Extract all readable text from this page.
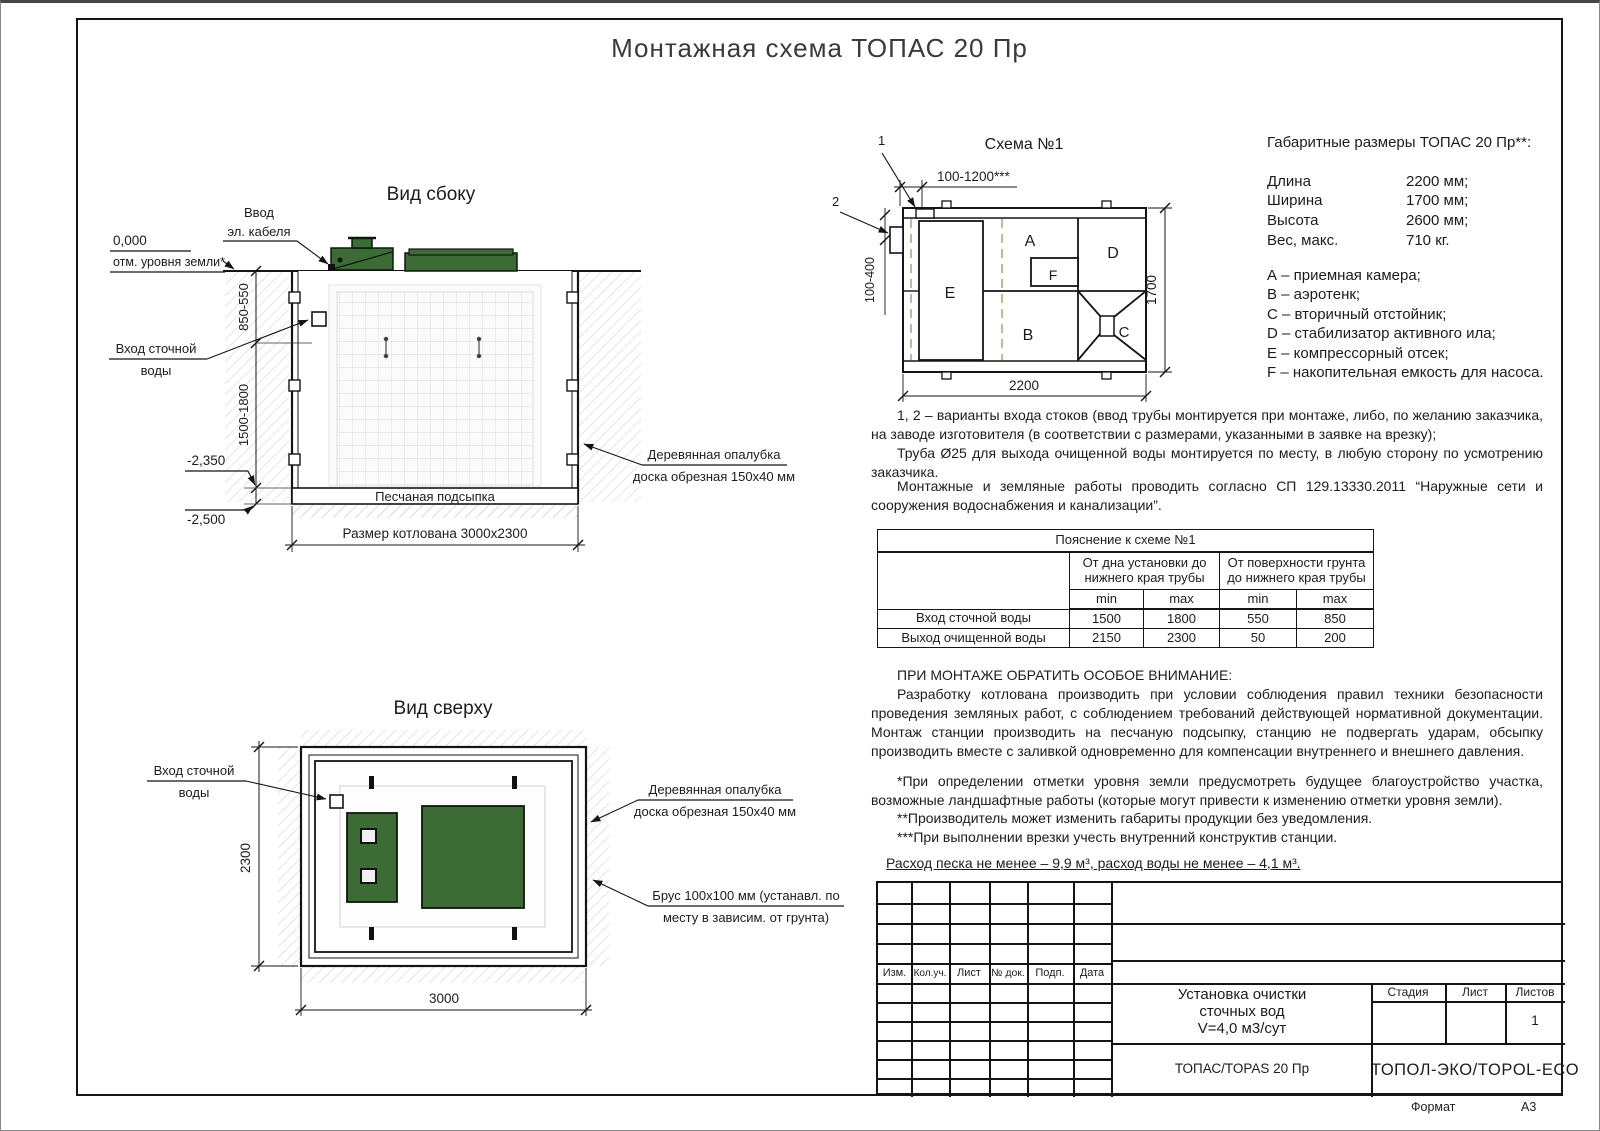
Монтажная схема ТОПАС 20 Пр
Вид сбоку
Песчаная подсыпка
0,000
отм. уровня земли*
Ввод
эл. кабеля
Вход сточной
воды
850-550
1500-1800
-2,350
-2,500
Размер котлована 3000х2300
Деревянная опалубка
доска обрезная 150х40 мм
Схема №1
А
D
В
Е
F
С
1
2
100-1200***
100-400
2200
1700
Вид сверху
Вход сточной
воды
2300
3000
Деревянная опалубка
доска обрезная 150х40 мм
Брус 100х100 мм (устанавл. по
месту в зависим. от грунта)
Габаритные размеры ТОПАС 20 Пр**:
Длина	2200 мм;
Ширина	1700 мм;
Высота	2600 мм;
Вес, макс.	710 кг.
А – приемная камера;
В – аэротенк;
С – вторичный отстойник;
D – стабилизатор активного ила;
Е – компрессорный отсек;
F – накопительная емкость для насоса.

1, 2 – варианты входа стоков (ввод трубы монтируется при монтаже, либо, по желанию заказчика, на заводе изготовителя (в соответствии с размерами, указанными в заявке на врезку);

Труба Ø25 для выхода очищенной воды монтируется по месту, в любую сторону по усмотрению заказчика.

Монтажные и земляные работы проводить согласно СП 129.13330.2011 “Наружные сети и сооружения водоснабжения и канализации”.

ПРИ МОНТАЖЕ ОБРАТИТЬ ОСОБОЕ ВНИМАНИЕ:

Разработку котлована производить при условии соблюдения правил техники безопасности проведения земляных работ, с соблюдением требований действующей нормативной документации. Монтаж станции производить на песчаную подсыпку, станцию не подвергать ударам, обсыпку производить вместе с заливкой одновременно для компенсации внутреннего и внешнего давления.

*При определении отметки уровня земли предусмотреть будущее благоустройство участка, возможные ландшафтные работы (которые могут привести к изменению отметки уровня земли).

**Производитель может изменить габариты продукции без уведомления.

***При выполнении врезки учесть внутренний конструктив станции.

Расход песка не менее – 9,9 м³, расход воды не менее – 4,1 м³.
Пояснение к схеме №1				
	От дна установки до нижнего края трубы		От поверхности грунта до нижнего края трубы	
	min	max	min	max
Вход сточной воды	1500	1800	550	850
Выход очищенной воды	2150	2300	50	200
Изм. Кол.уч. Лист № док. Подп.	Дата
Установка очистки
сточных вод
V=4,0 м3/сут
ТОПАС/TOPAS 20 Пр
Стадия	Лист	Листов
1
ТОПОЛ-ЭКО/TOPOL-ECO
Формат	А3
